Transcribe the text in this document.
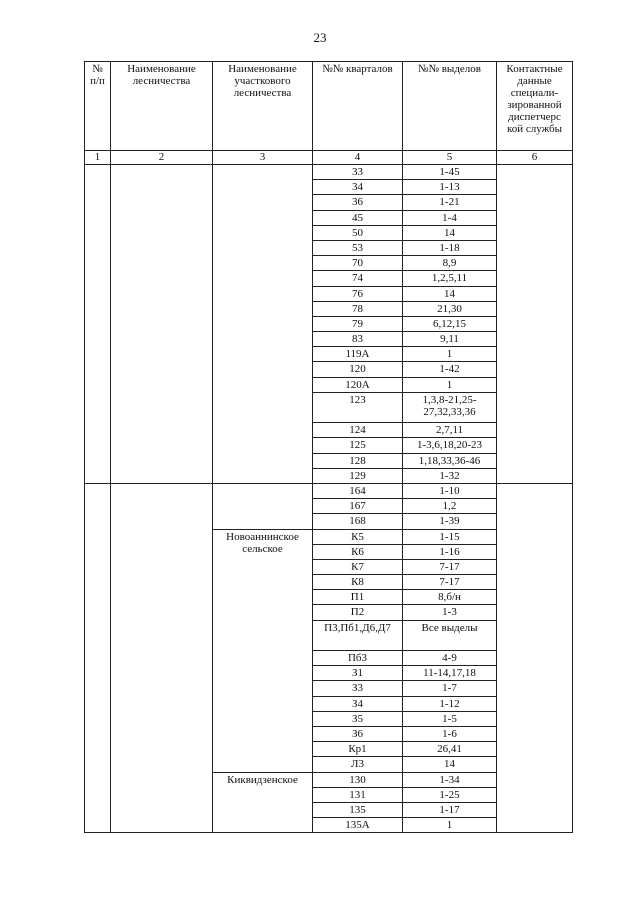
23
№ п/п	Наименование лесничества	Наименование участкового лесничества	№№ кварталов	№№ выделов	Контактные данные специали- зированной диспетчерс кой службы
1	2	3	4	5	6
			33	1-45	
			34	1-13	
			36	1-21	
			45	1-4	
			50	14	
			53	1-18	
			70	8,9	
			74	1,2,5,11	
			76	14	
			78	21,30	
			79	6,12,15	
			83	9,11	
			119А	1	
			120	1-42	
			120А	1	
			123	1,3,8-21,25-27,32,33,36	
			124	2,7,11	
			125	1-3,6,18,20-23	
			128	1,18,33,36-46	
			129	1-32	
			164	1-10	
			167	1,2	
			168	1-39	
		Новоаннинское сельское	К5	1-15	
			К6	1-16	
			К7	7-17	
			К8	7-17	
			П1	8,б/н	
			П2	1-3	
			П3,Пб1,Д6,Д7	Все выделы	
			Пб3	4-9	
			З1	11-14,17,18	
			З3	1-7	
			З4	1-12	
			З5	1-5	
			З6	1-6	
			Кр1	26,41	
			Л3	14	
		Киквидзенское	130	1-34	
			131	1-25	
			135	1-17	
			135А	1	
